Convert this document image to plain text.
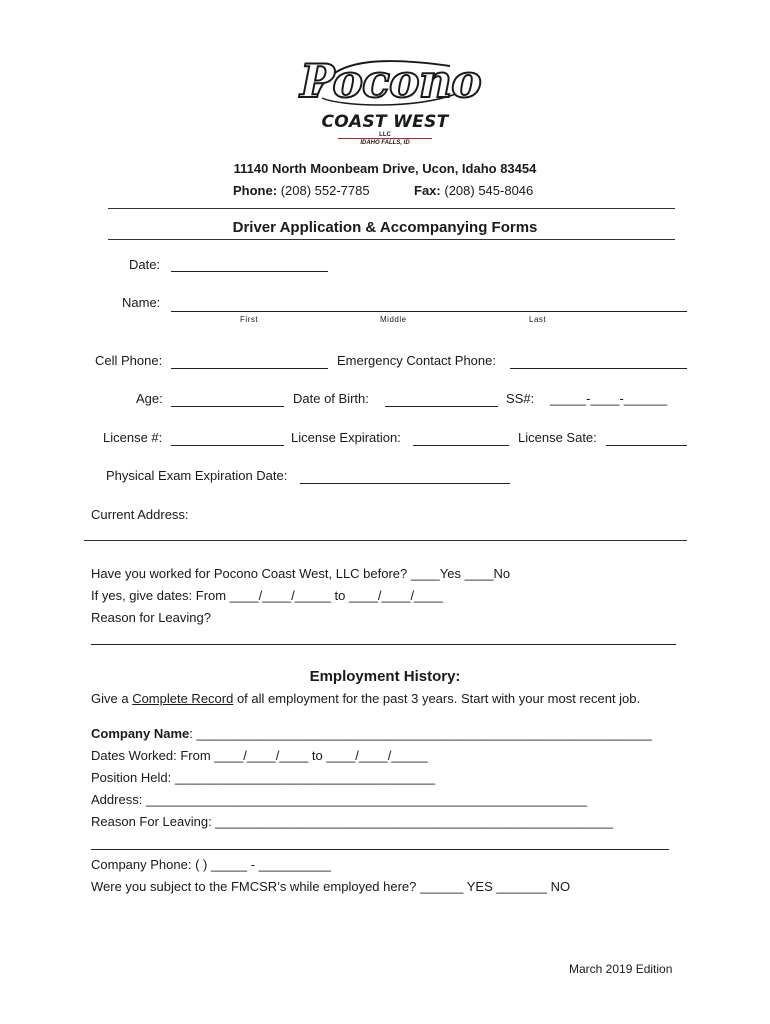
Pocono
COAST WEST
LLC
IDAHO FALLS, ID
11140 North Moonbeam Drive, Ucon, Idaho 83454
Phone: (208) 552-7785	Fax: (208) 545-8046
Driver Application & Accompanying Forms
Date:
Name:
First	Middle	Last
Cell Phone:	Emergency Contact Phone:
Age:	Date of Birth:	SS#: _____-____-______
License #:	License Expiration:	License Sate:
Physical Exam Expiration Date:
Current Address:
Have you worked for Pocono Coast West, LLC before? ____Yes ____No
If yes, give dates: From ____/____/_____ to ____/____/____
Reason for Leaving?
Employment History:
Give a Complete Record of all employment for the past 3 years. Start with your most recent job.
Company Name: _______________________________________________________________
Dates Worked: From ____/____/____ to ____/____/_____
Position Held: ____________________________________
Address: _____________________________________________________________
Reason For Leaving: _______________________________________________________
Company Phone: ( ) _____ - __________
Were you subject to the FMCSR’s while employed here? ______ YES _______ NO
March 2019 Edition
